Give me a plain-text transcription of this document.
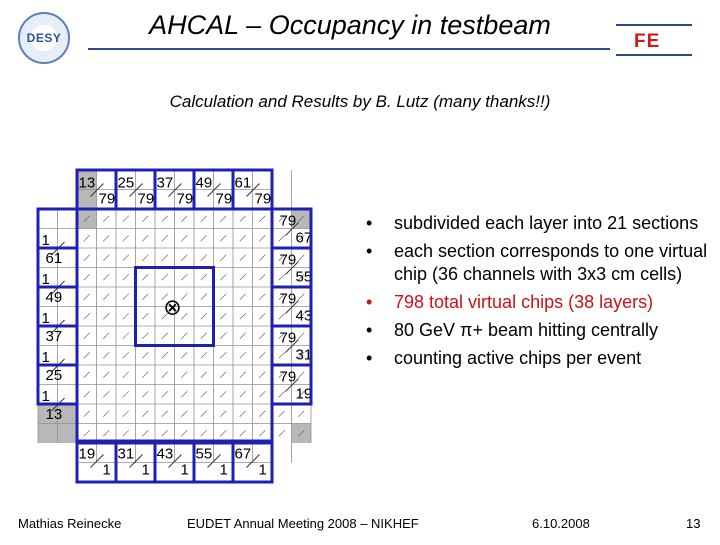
DESY	AHCAL – Occupancy in testbeam
FE
Calculation and Results by B. Lutz (many thanks!!)
13
79
25
79
37
79
49
79
61
79
19
1
31
1
43
1
55
1
67
1
1
61
1
49
1
37
1
25
1
13
79
67
79
55
79
43
79
31
79
19
⊗
• subdivided each layer into 21 sections
• each section corresponds to one virtual chip (36 channels with 3x3 cm cells)
• 798 total virtual chips (38 layers)
• 80 GeV π+ beam hitting centrally
• counting active chips per event
Mathias Reinecke	EUDET Annual Meeting 2008 – NIKHEF	6.10.2008	13
